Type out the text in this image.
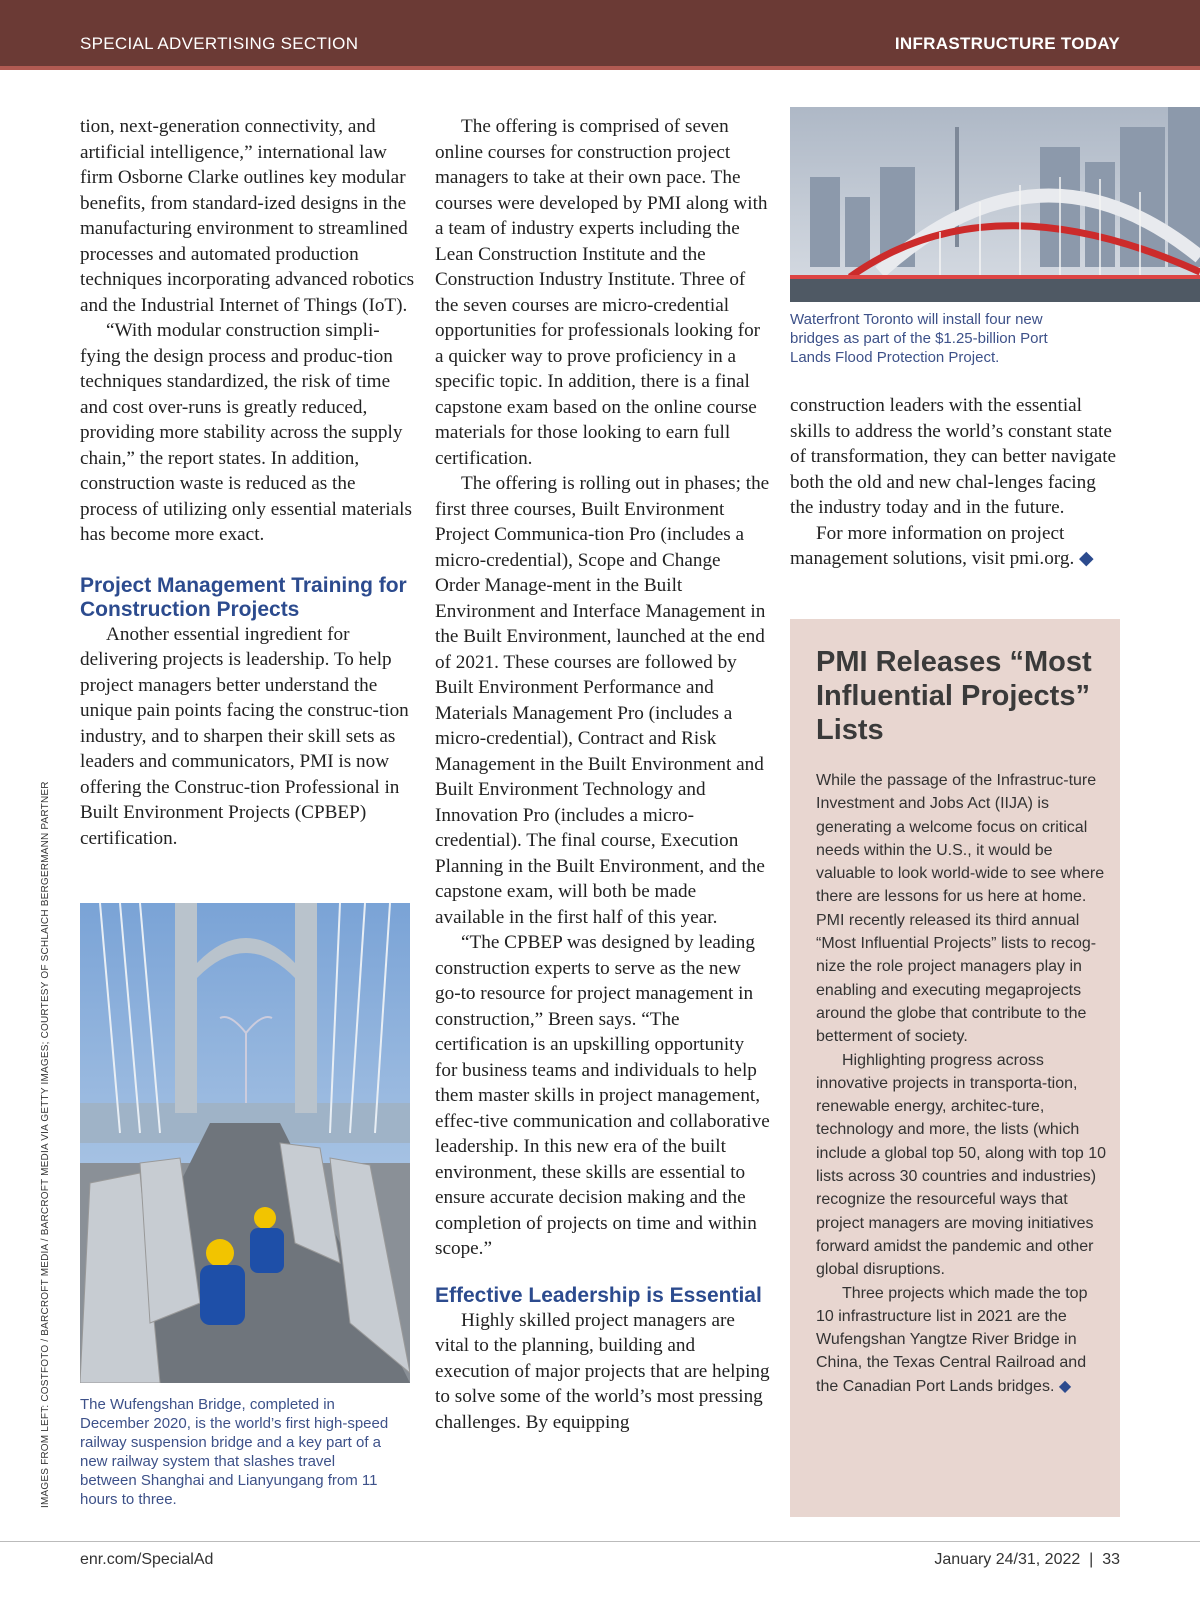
SPECIAL ADVERTISING SECTION	INFRASTRUCTURE TODAY

tion, next-generation connectivity, and artificial intelligence,” international law firm Osborne Clarke outlines key modular benefits, from standard-ized designs in the manufacturing environment to streamlined processes and automated production techniques incorporating advanced robotics and the Industrial Internet of Things (IoT).

“With modular construction simpli-fying the design process and produc-tion techniques standardized, the risk of time and cost over-runs is greatly reduced, providing more stability across the supply chain,” the report states. In addition, construction waste is reduced as the process of utilizing only essential materials has become more exact.

Project Management Training for Construction Projects

Another essential ingredient for delivering projects is leadership. To help project managers better understand the unique pain points facing the construc-tion industry, and to sharpen their skill sets as leaders and communicators, PMI is now offering the Construc-tion Professional in Built Environment Projects (CPBEP) certification.

The Wufengshan Bridge, completed in December 2020, is the world’s first high-speed railway suspension bridge and a key part of a new railway system that slashes travel between Shanghai and Lianyungang from 11 hours to three.

The offering is comprised of seven online courses for construction project managers to take at their own pace. The courses were developed by PMI along with a team of industry experts including the Lean Construction Institute and the Construction Industry Institute. Three of the seven courses are micro-credential opportunities for professionals looking for a quicker way to prove proficiency in a specific topic. In addition, there is a final capstone exam based on the online course materials for those looking to earn full certification.

The offering is rolling out in phases; the first three courses, Built Environment Project Communica-tion Pro (includes a micro-credential), Scope and Change Order Manage-ment in the Built Environment and Interface Management in the Built Environment, launched at the end of 2021. These courses are followed by Built Environment Performance and Materials Management Pro (includes a micro-credential), Contract and Risk Management in the Built Environment and Built Environment Technology and Innovation Pro (includes a micro-credential). The final course, Execution Planning in the Built Environment, and the capstone exam, will both be made available in the first half of this year.

“The CPBEP was designed by leading construction experts to serve as the new go-to resource for project management in construction,” Breen says. “The certification is an upskilling opportunity for business teams and individuals to help them master skills in project management, effec-tive communication and collaborative leadership. In this new era of the built environment, these skills are essential to ensure accurate decision making and the completion of projects on time and within scope.”

Effective Leadership is Essential

Highly skilled project managers are vital to the planning, building and execution of major projects that are helping to solve some of the world’s most pressing challenges. By equipping

Waterfront Toronto will install four new bridges as part of the $1.25-billion Port Lands Flood Protection Project.

construction leaders with the essential skills to address the world’s constant state of transformation, they can better navigate both the old and new chal-lenges facing the industry today and in the future.

For more information on project management solutions, visit pmi.org. ◆

PMI Releases “Most Influential Projects” Lists

While the passage of the Infrastruc-ture Investment and Jobs Act (IIJA) is generating a welcome focus on critical needs within the U.S., it would be valuable to look world-wide to see where there are lessons for us here at home. PMI recently released its third annual “Most Influential Projects” lists to recog-nize the role project managers play in enabling and executing megaprojects around the globe that contribute to the betterment of society.

Highlighting progress across innovative projects in transporta-tion, renewable energy, architec-ture, technology and more, the lists (which include a global top 50, along with top 10 lists across 30 countries and industries) recognize the resourceful ways that project managers are moving initiatives forward amidst the pandemic and other global disruptions.

Three projects which made the top 10 infrastructure list in 2021 are the Wufengshan Yangtze River Bridge in China, the Texas Central Railroad and the Canadian Port Lands bridges. ◆

IMAGES FROM LEFT: COSTFOTO / BARCROFT MEDIA / BARCROFT MEDIA VIA GETTY IMAGES; COURTESY OF SCHLAICH BERGERMANN PARTNER
enr.com/SpecialAd	January 24/31, 2022  |  33
